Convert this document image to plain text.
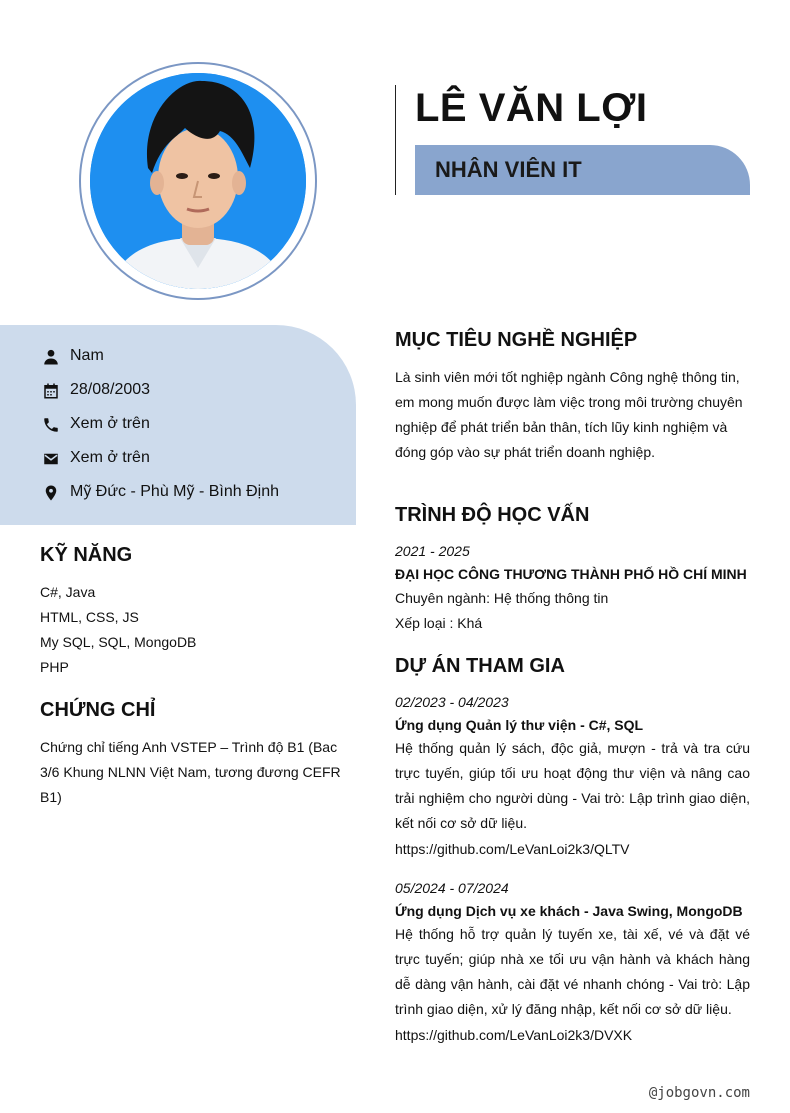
LÊ VĂN LỢI
NHÂN VIÊN IT
Nam
28/08/2003
Xem ở trên
Xem ở trên
Mỹ Đức - Phù Mỹ - Bình Định
KỸ NĂNG
C#, Java
HTML, CSS, JS
My SQL, SQL, MongoDB
PHP
CHỨNG CHỈ
Chứng chỉ tiếng Anh VSTEP – Trình độ B1 (Bac 3/6 Khung NLNN Việt Nam, tương đương CEFR B1)
MỤC TIÊU NGHỀ NGHIỆP
Là sinh viên mới tốt nghiệp ngành Công nghệ thông tin, em mong muốn được làm việc trong môi trường chuyên nghiệp để phát triển bản thân, tích lũy kinh nghiệm và đóng góp vào sự phát triển doanh nghiệp.
TRÌNH ĐỘ HỌC VẤN
2021 - 2025
ĐẠI HỌC CÔNG THƯƠNG THÀNH PHỐ HỒ CHÍ MINH
Chuyên ngành: Hệ thống thông tin
Xếp loại : Khá
DỰ ÁN THAM GIA
02/2023 - 04/2023
Ứng dụng Quản lý thư viện - C#, SQL
Hệ thống quản lý sách, độc giả, mượn - trả và tra cứu trực tuyến, giúp tối ưu hoạt động thư viện và nâng cao trải nghiệm cho người dùng - Vai trò: Lập trình giao diện, kết nối cơ sở dữ liệu.
https://github.com/LeVanLoi2k3/QLTV
05/2024 - 07/2024
Ứng dụng Dịch vụ xe khách - Java Swing, MongoDB
Hệ thống hỗ trợ quản lý tuyến xe, tài xế, vé và đặt vé trực tuyến; giúp nhà xe tối ưu vận hành và khách hàng dễ dàng vận hành, cài đặt vé nhanh chóng - Vai trò: Lập trình giao diện, xử lý đăng nhập, kết nối cơ sở dữ liệu.
https://github.com/LeVanLoi2k3/DVXK
@jobgovn.com
